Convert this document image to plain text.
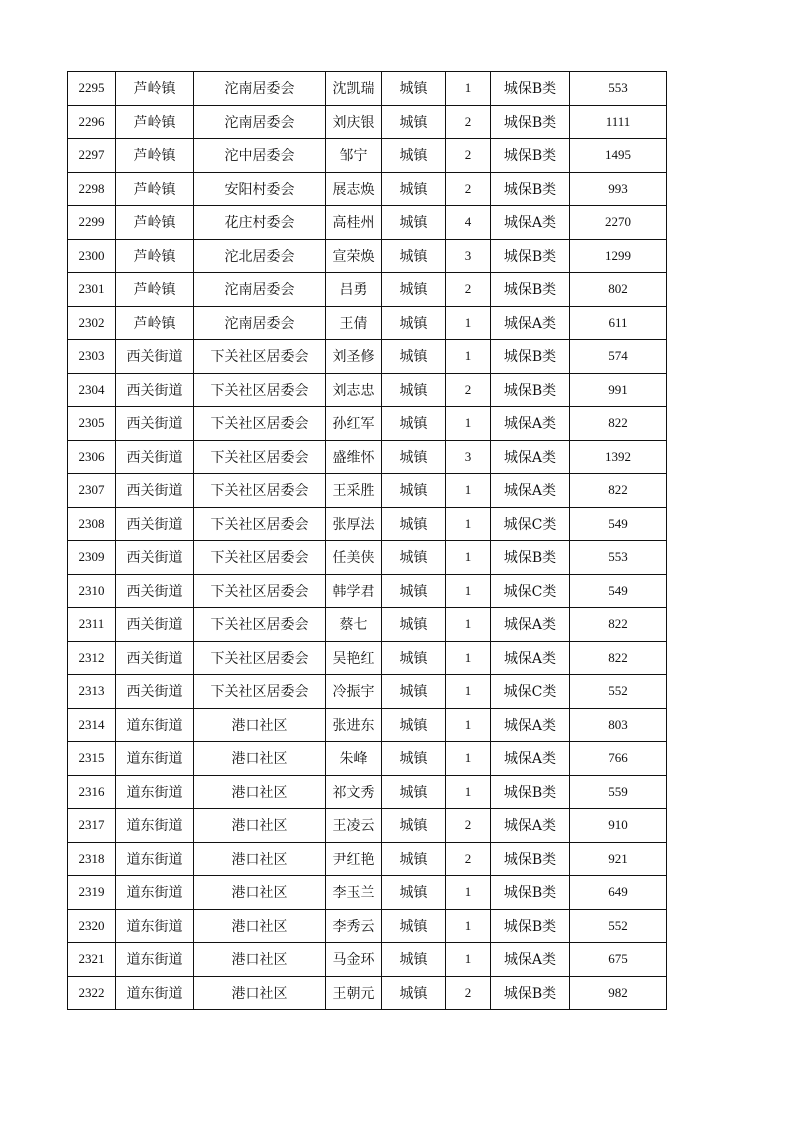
2295	芦岭镇	沱南居委会	沈凯瑞	城镇	1	城保B类	553
2296	芦岭镇	沱南居委会	刘庆银	城镇	2	城保B类	1111
2297	芦岭镇	沱中居委会	邹宁	城镇	2	城保B类	1495
2298	芦岭镇	安阳村委会	展志焕	城镇	2	城保B类	993
2299	芦岭镇	花庄村委会	高桂州	城镇	4	城保A类	2270
2300	芦岭镇	沱北居委会	宣荣焕	城镇	3	城保B类	1299
2301	芦岭镇	沱南居委会	吕勇	城镇	2	城保B类	802
2302	芦岭镇	沱南居委会	王倩	城镇	1	城保A类	611
2303	西关街道	下关社区居委会	刘圣修	城镇	1	城保B类	574
2304	西关街道	下关社区居委会	刘志忠	城镇	2	城保B类	991
2305	西关街道	下关社区居委会	孙红军	城镇	1	城保A类	822
2306	西关街道	下关社区居委会	盛维怀	城镇	3	城保A类	1392
2307	西关街道	下关社区居委会	王采胜	城镇	1	城保A类	822
2308	西关街道	下关社区居委会	张厚法	城镇	1	城保C类	549
2309	西关街道	下关社区居委会	任美侠	城镇	1	城保B类	553
2310	西关街道	下关社区居委会	韩学君	城镇	1	城保C类	549
2311	西关街道	下关社区居委会	蔡七	城镇	1	城保A类	822
2312	西关街道	下关社区居委会	吴艳红	城镇	1	城保A类	822
2313	西关街道	下关社区居委会	冷振宇	城镇	1	城保C类	552
2314	道东街道	港口社区	张进东	城镇	1	城保A类	803
2315	道东街道	港口社区	朱峰	城镇	1	城保A类	766
2316	道东街道	港口社区	祁文秀	城镇	1	城保B类	559
2317	道东街道	港口社区	王凌云	城镇	2	城保A类	910
2318	道东街道	港口社区	尹红艳	城镇	2	城保B类	921
2319	道东街道	港口社区	李玉兰	城镇	1	城保B类	649
2320	道东街道	港口社区	李秀云	城镇	1	城保B类	552
2321	道东街道	港口社区	马金环	城镇	1	城保A类	675
2322	道东街道	港口社区	王朝元	城镇	2	城保B类	982
